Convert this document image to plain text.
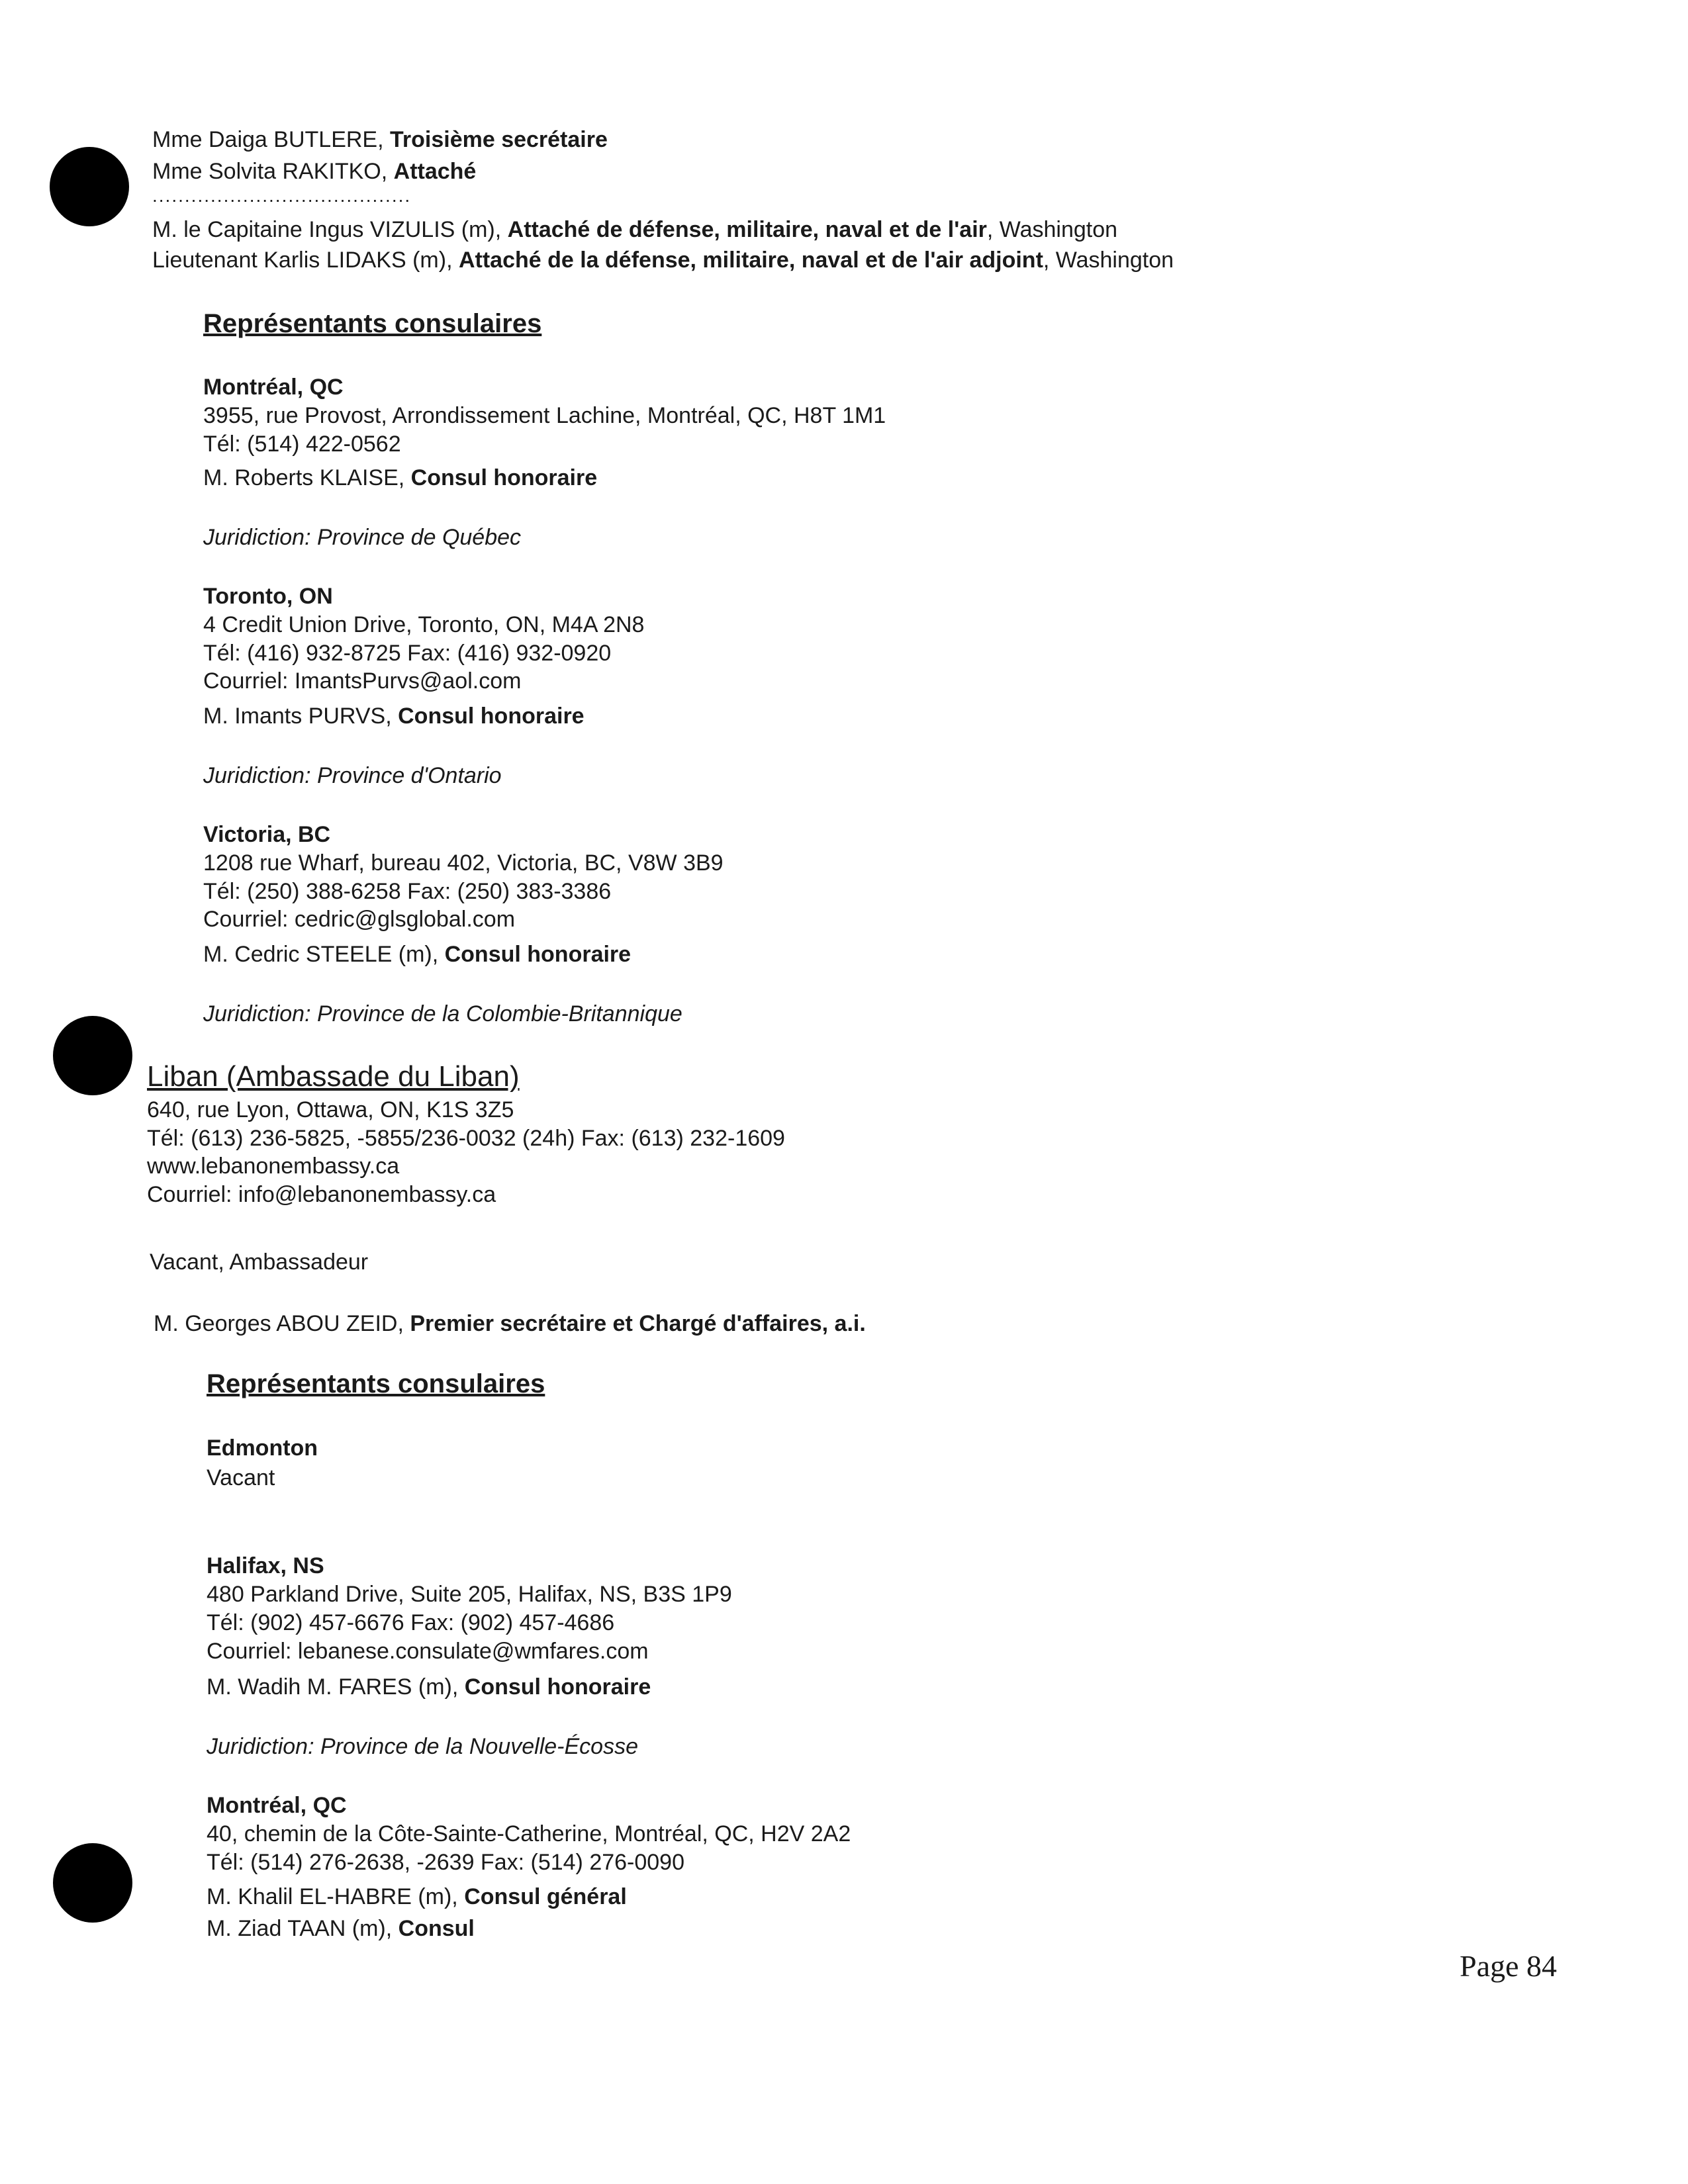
Mme Daiga BUTLERE, Troisième secrétaire
Mme Solvita RAKITKO, Attaché
........................................
M. le Capitaine Ingus VIZULIS (m), Attaché de défense, militaire, naval et de l'air, Washington
Lieutenant Karlis LIDAKS (m), Attaché de la défense, militaire, naval et de l'air adjoint, Washington
Représentants consulaires
Montréal, QC
3955, rue Provost, Arrondissement Lachine, Montréal, QC, H8T 1M1
Tél: (514) 422-0562
M. Roberts KLAISE, Consul honoraire
Juridiction: Province de Québec
Toronto, ON
4 Credit Union Drive, Toronto, ON, M4A 2N8
Tél: (416) 932-8725 Fax: (416) 932-0920
Courriel: ImantsPurvs@aol.com
M. Imants PURVS, Consul honoraire
Juridiction: Province d'Ontario
Victoria, BC
1208 rue Wharf, bureau 402, Victoria, BC, V8W 3B9
Tél: (250) 388-6258 Fax: (250) 383-3386
Courriel: cedric@glsglobal.com
M. Cedric STEELE (m), Consul honoraire
Juridiction: Province de la Colombie-Britannique
Liban (Ambassade du Liban)
640, rue Lyon, Ottawa, ON, K1S 3Z5
Tél: (613) 236-5825, -5855/236-0032 (24h) Fax: (613) 232-1609
www.lebanonembassy.ca
Courriel: info@lebanonembassy.ca
Vacant, Ambassadeur
M. Georges ABOU ZEID, Premier secrétaire et Chargé d'affaires, a.i.
Représentants consulaires
Edmonton
Vacant
Halifax, NS
480 Parkland Drive, Suite 205, Halifax, NS, B3S 1P9
Tél: (902) 457-6676 Fax: (902) 457-4686
Courriel: lebanese.consulate@wmfares.com
M. Wadih M. FARES (m), Consul honoraire
Juridiction: Province de la Nouvelle-Écosse
Montréal, QC
40, chemin de la Côte-Sainte-Catherine, Montréal, QC, H2V 2A2
Tél: (514) 276-2638, -2639 Fax: (514) 276-0090
M. Khalil EL-HABRE (m), Consul général
M. Ziad TAAN (m), Consul
Page 84
